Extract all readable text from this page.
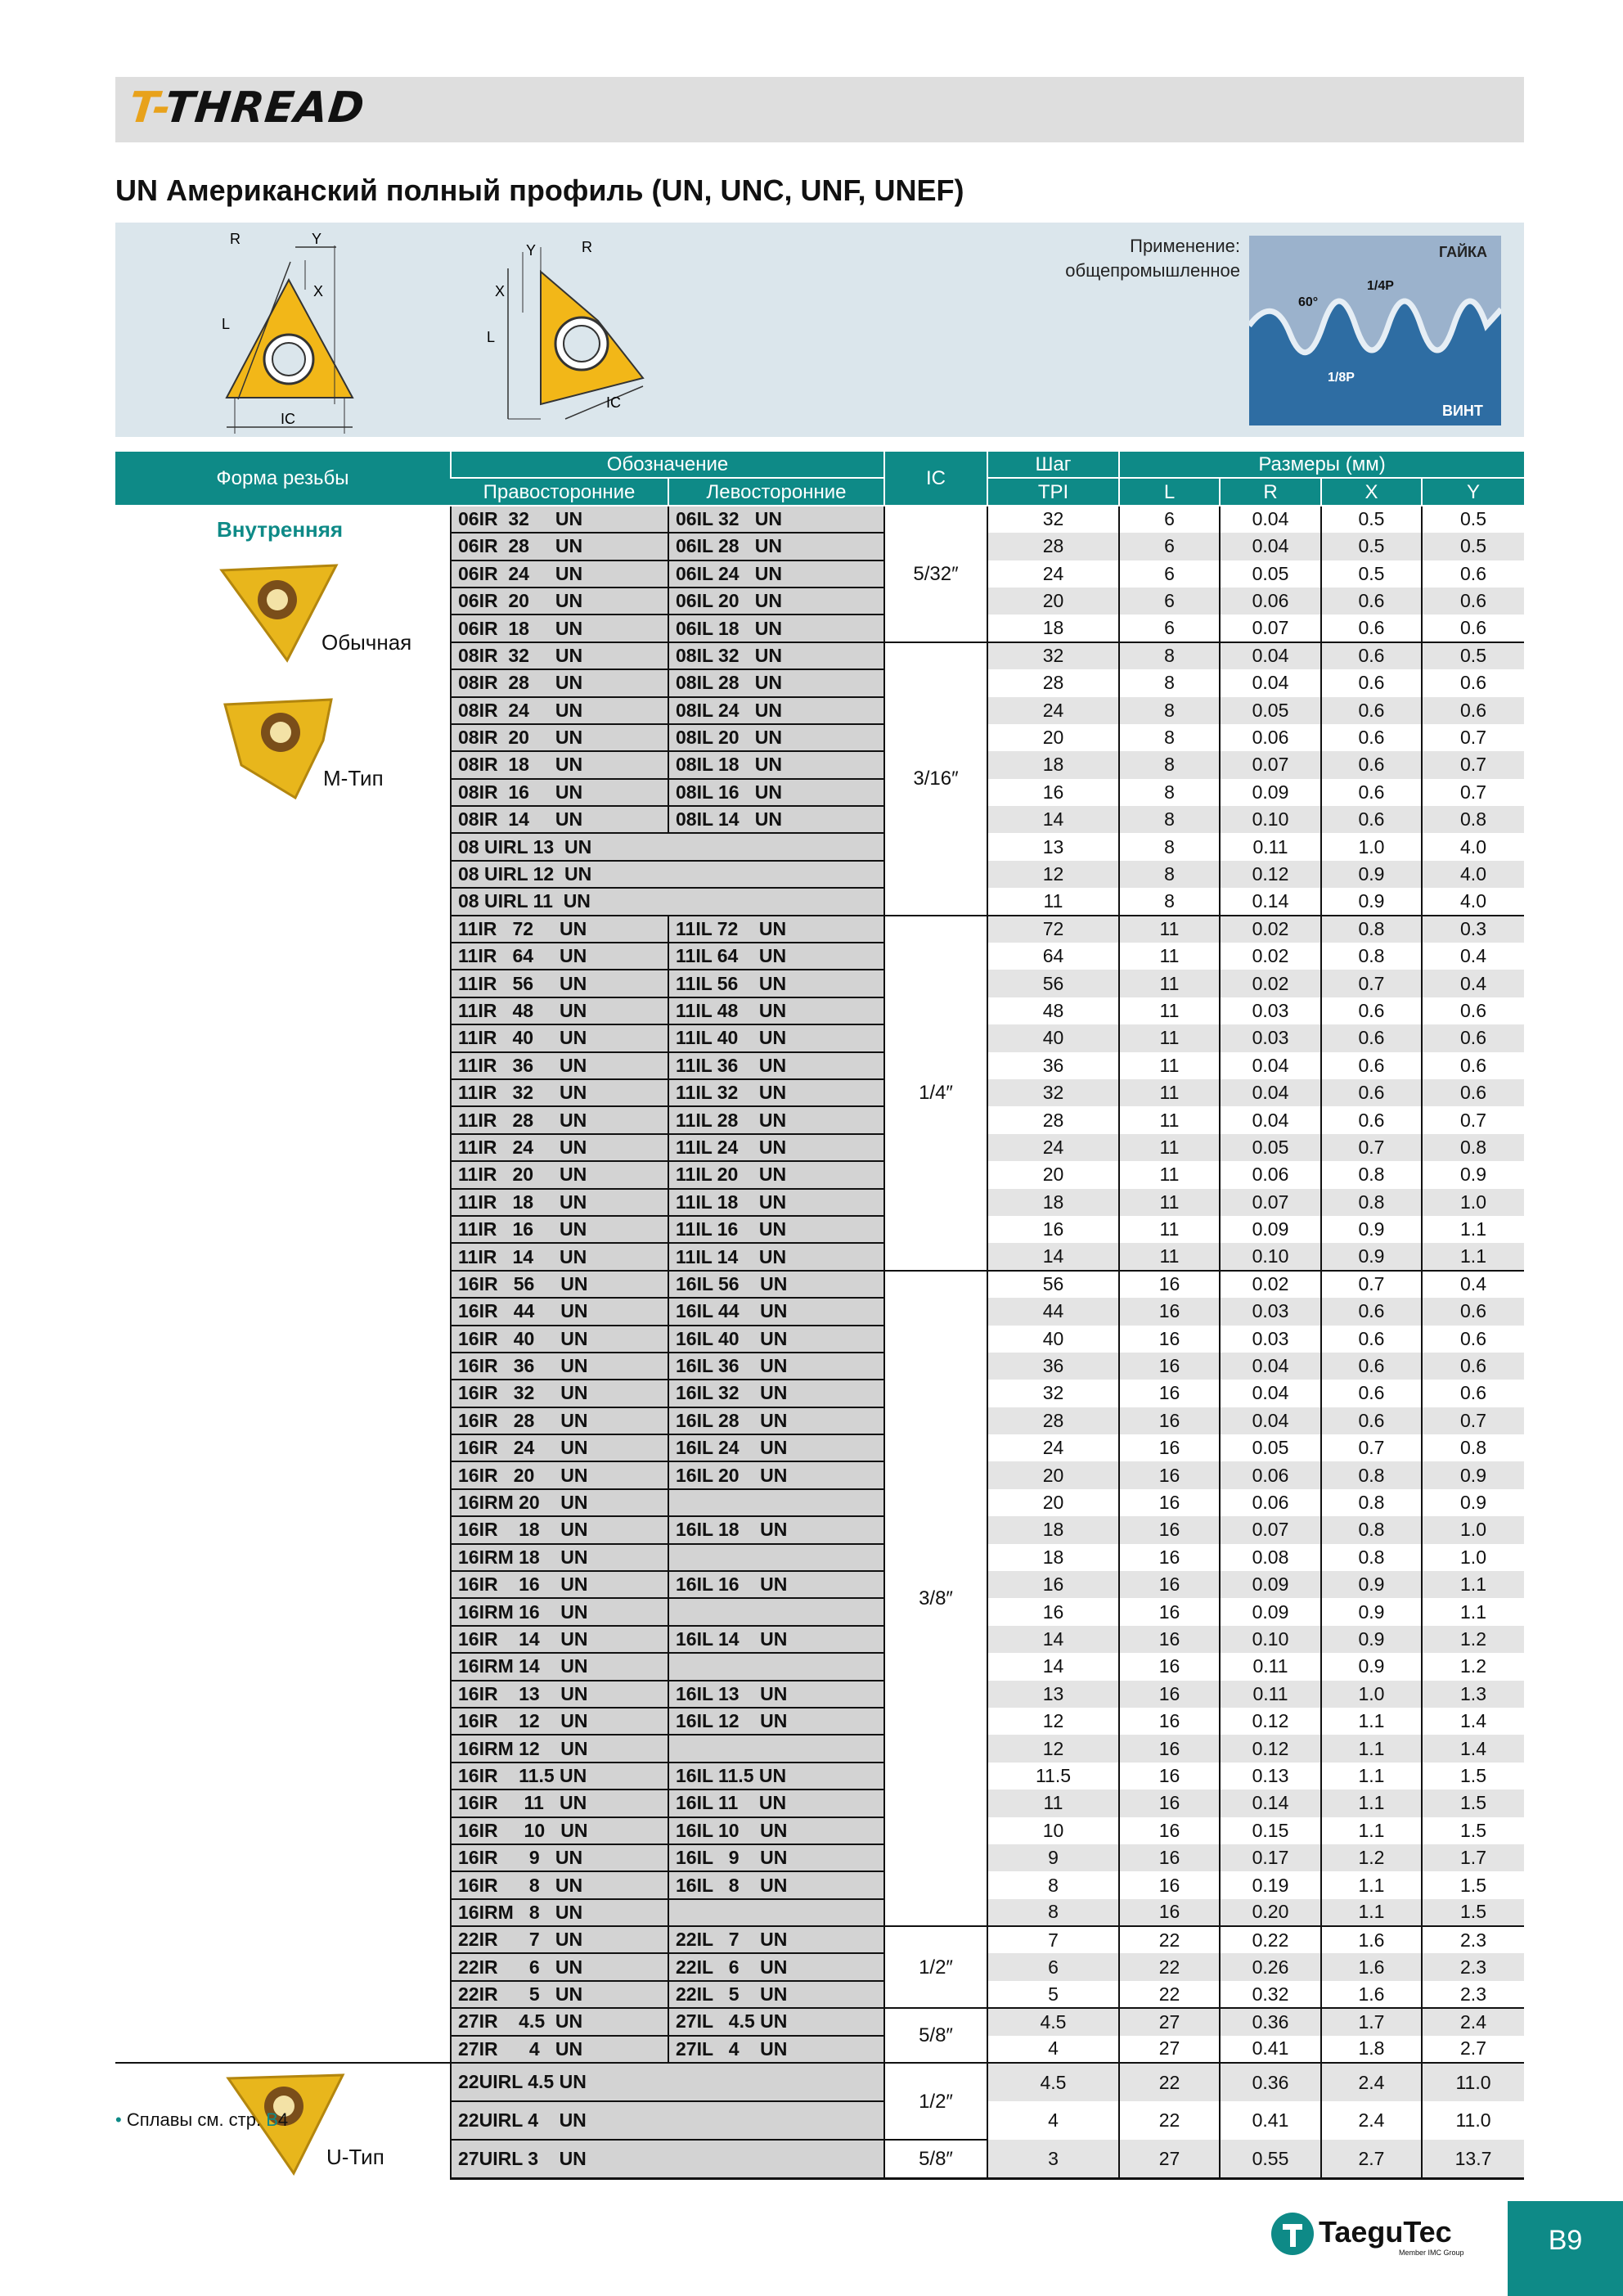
T-THREAD
UN Американский полный профиль (UN, UNC, UNF, UNEF)
R	Y
X
L
IC
Y	R
X
L
IC
Применение:
общепромышленное
ГАЙКА
ВИНТ
60°
1/4P
1/8P
Форма резьбы	Обозначение		IC	Шаг	Размеры (мм)			
	Правосторонние	Левосторонние		TPI	L	R	X	Y

Внутренняя
Обычная
M-Тип	06IR  32     UN	06IL 32   UN	5/32″	32	6	0.04	0.5	0.5
	06IR  28     UN	06IL 28   UN		28	6	0.04	0.5	0.5
	06IR  24     UN	06IL 24   UN		24	6	0.05	0.5	0.6
	06IR  20     UN	06IL 20   UN		20	6	0.06	0.6	0.6
	06IR  18     UN	06IL 18   UN		18	6	0.07	0.6	0.6
	08IR  32     UN	08IL 32   UN	3/16″	32	8	0.04	0.6	0.5
	08IR  28     UN	08IL 28   UN		28	8	0.04	0.6	0.6
	08IR  24     UN	08IL 24   UN		24	8	0.05	0.6	0.6
	08IR  20     UN	08IL 20   UN		20	8	0.06	0.6	0.7
	08IR  18     UN	08IL 18   UN		18	8	0.07	0.6	0.7
	08IR  16     UN	08IL 16   UN		16	8	0.09	0.6	0.7
	08IR  14     UN	08IL 14   UN		14	8	0.10	0.6	0.8
	08 UIRL 13  UN			13	8	0.11	1.0	4.0
	08 UIRL 12  UN			12	8	0.12	0.9	4.0
	08 UIRL 11  UN			11	8	0.14	0.9	4.0
	11IR   72     UN	11IL 72    UN	1/4″	72	11	0.02	0.8	0.3
	11IR   64     UN	11IL 64    UN		64	11	0.02	0.8	0.4
	11IR   56     UN	11IL 56    UN		56	11	0.02	0.7	0.4
	11IR   48     UN	11IL 48    UN		48	11	0.03	0.6	0.6
	11IR   40     UN	11IL 40    UN		40	11	0.03	0.6	0.6
	11IR   36     UN	11IL 36    UN		36	11	0.04	0.6	0.6
	11IR   32     UN	11IL 32    UN		32	11	0.04	0.6	0.6
	11IR   28     UN	11IL 28    UN		28	11	0.04	0.6	0.7
	11IR   24     UN	11IL 24    UN		24	11	0.05	0.7	0.8
	11IR   20     UN	11IL 20    UN		20	11	0.06	0.8	0.9
	11IR   18     UN	11IL 18    UN		18	11	0.07	0.8	1.0
	11IR   16     UN	11IL 16    UN		16	11	0.09	0.9	1.1
	11IR   14     UN	11IL 14    UN		14	11	0.10	0.9	1.1
	16IR   56     UN	16IL 56    UN	3/8″	56	16	0.02	0.7	0.4
	16IR   44     UN	16IL 44    UN		44	16	0.03	0.6	0.6
	16IR   40     UN	16IL 40    UN		40	16	0.03	0.6	0.6
	16IR   36     UN	16IL 36    UN		36	16	0.04	0.6	0.6
	16IR   32     UN	16IL 32    UN		32	16	0.04	0.6	0.6
	16IR   28     UN	16IL 28    UN		28	16	0.04	0.6	0.7
	16IR   24     UN	16IL 24    UN		24	16	0.05	0.7	0.8
	16IR   20     UN	16IL 20    UN		20	16	0.06	0.8	0.9
	16IRM 20    UN			20	16	0.06	0.8	0.9
	16IR    18    UN	16IL 18    UN		18	16	0.07	0.8	1.0
	16IRM 18    UN			18	16	0.08	0.8	1.0
	16IR    16    UN	16IL 16    UN		16	16	0.09	0.9	1.1
	16IRM 16    UN			16	16	0.09	0.9	1.1
	16IR    14    UN	16IL 14    UN		14	16	0.10	0.9	1.2
	16IRM 14    UN			14	16	0.11	0.9	1.2
	16IR    13    UN	16IL 13    UN		13	16	0.11	1.0	1.3
	16IR    12    UN	16IL 12    UN		12	16	0.12	1.1	1.4
	16IRM 12    UN			12	16	0.12	1.1	1.4
	16IR    11.5 UN	16IL 11.5 UN		11.5	16	0.13	1.1	1.5
	16IR     11   UN	16IL 11    UN		11	16	0.14	1.1	1.5
	16IR     10   UN	16IL 10    UN		10	16	0.15	1.1	1.5
	16IR      9   UN	16IL   9    UN		9	16	0.17	1.2	1.7
	16IR      8   UN	16IL   8    UN		8	16	0.19	1.1	1.5
	16IRM   8   UN			8	16	0.20	1.1	1.5
	22IR      7   UN	22IL   7    UN	1/2″	7	22	0.22	1.6	2.3
	22IR      6   UN	22IL   6    UN		6	22	0.26	1.6	2.3
	22IR      5   UN	22IL   5    UN		5	22	0.32	1.6	2.3
	27IR    4.5  UN	27IL   4.5 UN	5/8″	4.5	27	0.36	1.7	2.4
	27IR      4   UN	27IL   4    UN		4	27	0.41	1.8	2.7

U-Тип	22UIRL 4.5 UN		1/2″	4.5	22	0.36	2.4	11.0
	22UIRL 4    UN			4	22	0.41	2.4	11.0
	27UIRL 3    UN		5/8″	3	27	0.55	2.7	13.7
• Сплавы см. стр. B4
TaeguTec
Member IMC Group	B9
